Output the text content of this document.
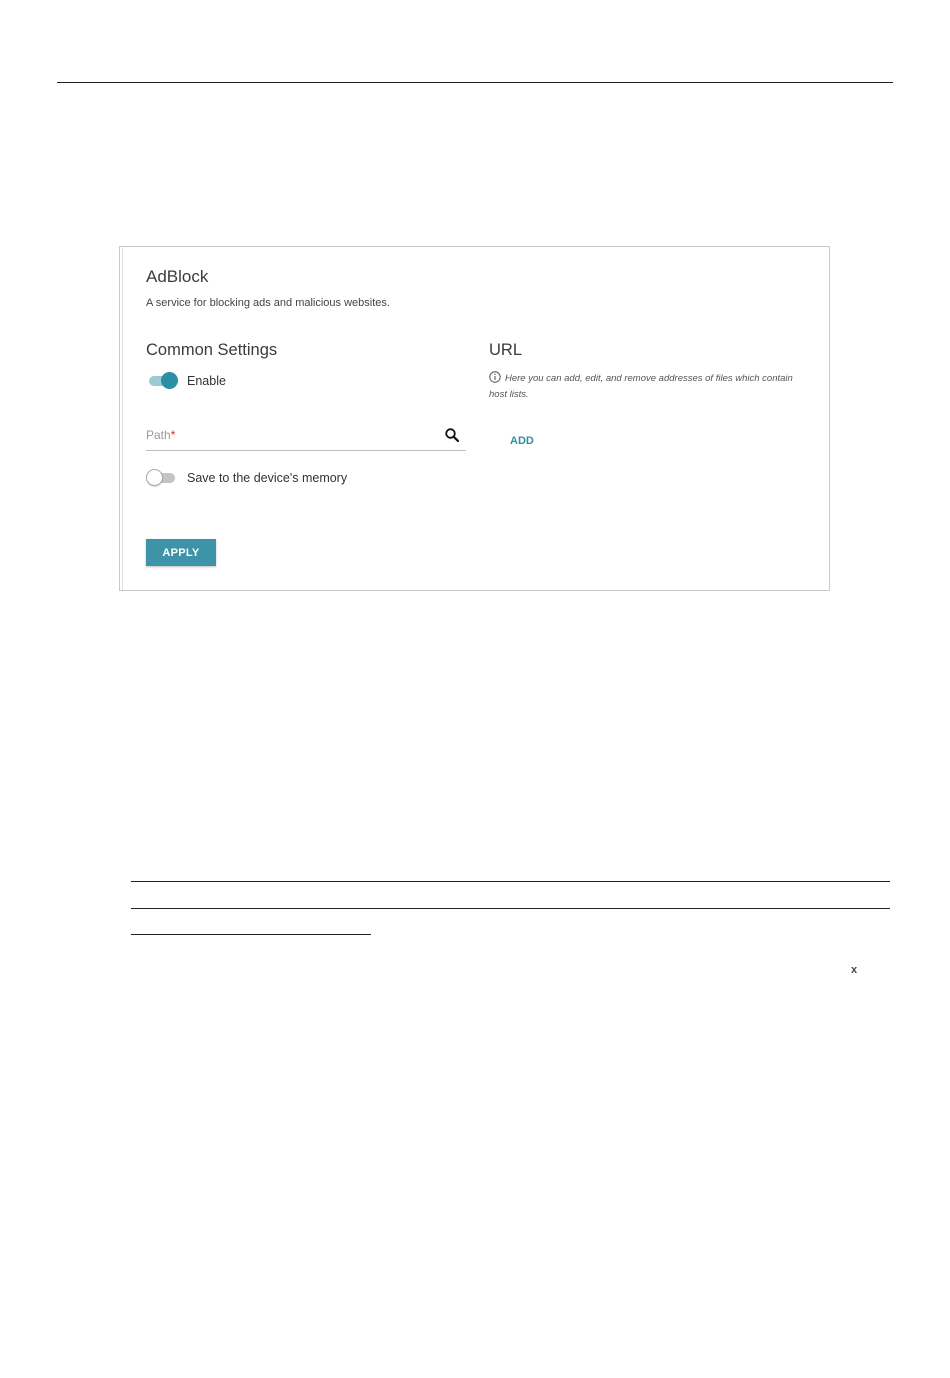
AdBlock
A service for blocking ads and malicious websites.
Common Settings
Enable
Path*
Save to the device's memory
APPLY
URL
Here you can add, edit, and remove addresses of files which contain host lists.
ADD
x
